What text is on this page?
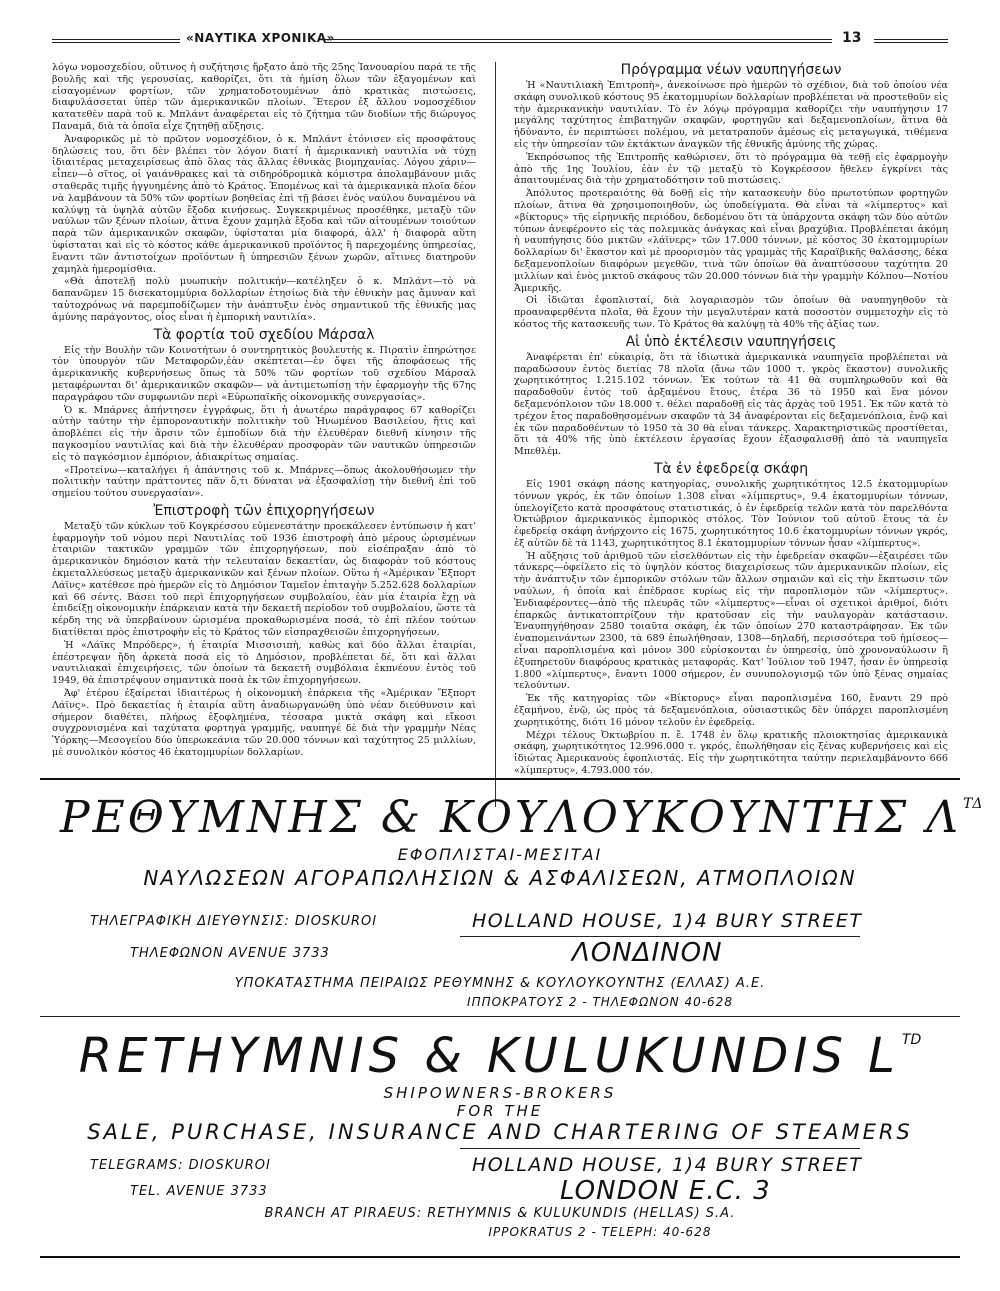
«ΝΑΥΤΙΚΑ ΧΡΟΝΙΚΑ»	13

λόγω νομοσχεδίου, οὕτινος ἡ συζήτησις ἤρξατο ἀπὸ τῆς 25ης Ἰανουαρίου παρά τε τῆς βουλῆς καὶ τῆς γερουσίας, καθορίζει, ὅτι τὰ ἡμίση ὅλων τῶν ἐξαγομένων καὶ εἰσαγομένων φορτίων, τῶν χρηματοδοτουμένων ἀπὸ κρατικὰς πιστώσεις, διαφυλάσσεται ὑπὲρ τῶν ἀμερικανικῶν πλοίων. Ἕτερον ἐξ ἄλλου νομοσχέδιον κατατεθὲν παρὰ τοῦ κ. Μπλάντ ἀναφέρεται εἰς τὸ ζήτημα τῶν διοδίων τῆς διώρυγος Παναμᾶ, διὰ τὰ ὁποῖα εἶχε ζητηθῇ αὔξησις.

Ἀναφορικῶς μὲ τὸ πρῶτον νομοσχέδιον, ὁ κ. Μπλάντ ἐτόνισεν εἰς προσφάτους δηλώσεις του, ὅτι δὲν βλέπει τὸν λόγον διατί ἡ ἀμερικανικὴ ναυτιλία νὰ τύχῃ ἰδιαιτέρας μεταχειρίσεως ἀπὸ ὅλας τὰς ἄλλας ἐθνικὰς βιομηχανίας. Λόγου χάριν—εἶπεν—ὁ σῖτος, οἱ γαιάνθρακες καὶ τὰ σιδηρόδρομικὰ κόμιστρα ἀπολαμβάνουν μιᾶς σταθερᾶς τιμῆς ἠγγυημένης ἀπὸ τὸ Κράτος. Ἑπομένως καὶ τὰ ἀμερικανικὰ πλοῖα δέον νὰ λαμβάνουν τὰ 50% τῶν φορτίων βοηθείας ἐπὶ τῇ βάσει ἑνὸς ναύλου δυναμένου νὰ καλύψῃ τὰ ὑψηλὰ αὐτῶν ἔξοδα κινήσεως. Συγκεκριμένως προσέθηκε, μεταξὺ τῶν ναύλων τῶν ξένων πλοίων, ἅτινα ἔχουν χαμηλὰ ἔξοδα καὶ τῶν αἰτουμένων τοιούτων παρὰ τῶν ἀμερικανικῶν σκαφῶν, ὑφίσταται μία διαφορά, ἀλλ' ἡ διαφορὰ αὕτη ὑφίσταται καὶ εἰς τὸ κόστος κάθε ἀμερικανικοῦ προϊόντος ἢ παρεχομένης ὑπηρεσίας, ἔναντι τῶν ἀντιστοίχων προϊόντων ἢ ὑπηρεσιῶν ξένων χωρῶν, αἵτινες διατηροῦν χαμηλὰ ἡμερομίσθια.

«Θὰ ἀποτελῇ πολὺ μυωπικὴν πολιτικήν—κατέληξεν ὁ κ. Μπλάντ—τὸ νὰ δαπανῶμεν 15 δισεκατομμύρια δολλαρίων ἐτησίως διὰ τὴν ἐθνικὴν μας ἄμυναν καὶ ταὐτοχρόνως νὰ παρεμποδίζωμεν τὴν ἀνάπτυξιν ἑνὸς σημαντικοῦ τῆς ἐθνικῆς μας ἀμύνης παράγοντος, οἷος εἶναι ἡ ἐμπορικὴ ναυτιλία».

Τὰ φορτία τοῦ σχεδίου Μάρσαλ

Εἰς τὴν Βουλὴν τῶν Κοινοτήτων ὁ συντηρητικὸς βουλευτὴς κ. Πιρατὶν ἐπηρώτησε τὸν ὑπουργὸν τῶν Μεταφορῶν,ἐὰν σκέπτεται—ἐν ὄψει τῆς ἀποφάσεως τῆς ἀμερικανικῆς κυβερνήσεως ὅπως τὰ 50% τῶν φορτίων τοῦ σχεδίου Μάρσαλ μεταφέρωνται δι' ἀμερικανικῶν σκαφῶν— νὰ ἀντιμετωπίσῃ τὴν ἐφαρμογὴν τῆς 67ης παραγράφου τῶν συμφωνιῶν περὶ «Εὐρωπαϊκῆς οἰκονομικῆς συνεργασίας».

Ὁ κ. Μπάρνες ἀπήντησεν ἐγγράφως, ὅτι ἡ ἀνωτέρω παράγραφος 67 καθορίζει αὐτὴν ταύτην τὴν ἐμποροναυτικὴν πολιτικὴν τοῦ Ἡνωμένου Βασιλείου, ἥτις καὶ ἀποβλέπει εἰς τὴν ἄρσιν τῶν ἐμποδίων διὰ τὴν ἐλευθέραν διεθνῆ κίνησιν τῆς παγκοσμίου ναυτιλίας καὶ διὰ τὴν ἐλευθέραν προσφορὰν τῶν ναυτικῶν ὑπηρεσιῶν εἰς τὸ παγκόσμιον ἐμπόριον, ἀδιακρίτως σημαίας.

«Προτείνω—καταλήγει ἡ ἀπάντησις τοῦ κ. Μπάρνες—ὅπως ἀκολουθήσωμεν τὴν πολιτικὴν ταύτην πράττοντες πᾶν ὅ,τι δύναται νὰ ἐξασφαλίσῃ τὴν διεθνῆ ἐπὶ τοῦ σημείου τούτου συνεργασίαν».

Ἐπιστροφὴ τῶν ἐπιχορηγήσεων

Μεταξὺ τῶν κύκλων τοῦ Κογκρέσσου εὐμενεστάτην προεκάλεσεν ἐντύπωσιν ἡ κατ' ἐφαρμογὴν τοῦ νόμου περὶ Ναυτιλίας τοῦ 1936 ἐπιστροφὴ ἀπὸ μέρους ὡρισμένων ἑταιριῶν τακτικῶν γραμμῶν τῶν ἐπιχορηγήσεων, ποὺ εἰσέπραξαν ἀπὸ τὸ ἀμερικανικὸν δημόσιον κατὰ τὴν τελευταίαν δεκαετίαν, ὡς διαφορὰν τοῦ κόστους ἐκμεταλλεύσεως μεταξὺ ἀμερικανικῶν καὶ ξένων πλοίων. Οὕτω ἡ «Ἀμέρικαν Ἔξπορτ Λάϊνς» κατέθεσε πρὸ ἡμερῶν εἰς τὸ Δημόσιον Ταμεῖον ἐπιταγὴν 5.252.628 δολλαρίων καὶ 66 σέντς. Βάσει τοῦ περὶ ἐπιχορηγήσεων συμβολαίου, ἐὰν μία ἑταιρία ἔχῃ νὰ ἐπιδείξῃ οἰκονομικὴν ἐπάρκειαν κατὰ τὴν δεκαετῆ περίοδον τοῦ συμβολαίου, ὥστε τὰ κέρδη της νὰ ὑπερβαίνουν ὡρισμένα προκαθωρισμένα ποσά, τὸ ἐπὶ πλέον τούτων διατίθεται πρὸς ἐπιστροφὴν εἰς τὸ Κράτος τῶν εἰσπραχθεισῶν ἐπιχορηγήσεων.

Ἡ «Λάϊκς Μπρόδερς», ἡ ἑταιρία Μισσισιπὴ, καθὼς καὶ δύο ἄλλαι ἑταιρίαι, ἐπέστρεψαν ἤδη ἀρκετὰ ποσὰ εἰς τὸ Δημόσιον, προβλέπεται δέ, ὅτι καὶ ἄλλαι ναυτιλιακαὶ ἐπιχειρήσεις, τῶν ὁποίων τὰ δεκαετῆ συμβόλαια ἐκπνέουν ἐντὸς τοῦ 1949, θὰ ἐπιστρέψουν σημαντικὰ ποσὰ ἐκ τῶν ἐπιχορηγήσεων.

Ἀφ' ἑτέρου ἐξαίρεται ἰδιαιτέρως ἡ οἰκονομικὴ ἐπάρκεια τῆς «Ἀμέρικαν Ἔξπορτ Λάϊνς». Πρὸ δεκαετίας ἡ ἑταιρία αὕτη ἀναδιωργανώθη ὑπὸ νέαν διεύθυνσιν καὶ σήμερον διαθέτει, πλήρως ἐξοφλημένα, τέσσαρα μικτὰ σκάφη καὶ εἴκοσι συγχρονισμένα καὶ ταχύτατα φορτηγὰ γραμμῆς, ναυπηγέ δὲ διὰ τὴν γραμμὴν Νέας Ὑόρκης—Μεσογείου δύο ὑπερωκεάνια τῶν 20.000 τόννων καὶ ταχύτητος 25 μιλλίων, μὲ συνολικὸν κόστος 46 ἑκατομμυρίων δολλαρίων.

Πρόγραμμα νέων ναυπηγήσεων

Ἡ «Ναυτιλιακὴ Ἐπιτροπὴ», ἀνεκοίνωσε πρὸ ἡμερῶν τὸ σχέδιον, διὰ τοῦ ὁποίου νέα σκάφη συνολικοῦ κόστους 95 ἑκατομμυρίων δολλαρίων προβλέπεται νὰ προστεθοῦν εἰς τὴν ἀμερικανικὴν ναυτιλίαν. Τὸ ἐν λόγῳ πρόγραμμα καθορίζει τὴν ναυπήγησιν 17 μεγάλης ταχύτητος ἐπιβατηγῶν σκαφῶν, φορτηγῶν καὶ δεξαμενοπλοίων, ἅτινα θὰ ἠδύναντο, ἐν περιπτώσει πολέμου, νὰ μετατραποῦν ἀμέσως εἰς μεταγωγικά, τιθέμενα εἰς τὴν ὑπηρεσίαν τῶν ἐκτάκτων ἀναγκῶν τῆς ἐθνικῆς ἀμύνης τῆς χώρας.

Ἐκπρόσωπος τῆς Ἐπιτροπῆς καθώρισεν, ὅτι τὸ πρόγραμμα θὰ τεθῇ εἰς ἐφαρμογὴν ἀπὸ τῆς 1ης Ἰουλίου, ἐὰν ἐν τῷ μεταξὺ τὸ Κογκρέσσον ἤθελεν ἐγκρίνει τὰς ἀπαιτουμένας διὰ τὴν χρηματοδότησιν τοῦ πιστώσεις.

Ἀπόλυτος προτεραιότης θὰ δοθῇ εἰς τὴν κατασκευὴν δύο πρωτοτύπων φορτηγῶν πλοίων, ἅτινα θὰ χρησιμοποιηθοῦν, ὡς ὑποδείγματα. Θὰ εἶναι τὰ «λίμπερτυς» καὶ «βίκτορυς» τῆς εἰρηνικῆς περιόδου, δεδομένου ὅτι τὰ ὑπάρχοντα σκάφη τῶν δύο αὐτῶν τύπων ἀνεφέροντο εἰς τὰς πολεμικὰς ἀνάγκας καὶ εἶναι βραχύβια. Προβλέπεται ἀκόμη ἡ ναυπήγησις δύο μικτῶν «λάϊνερς» τῶν 17.000 τόννων, μὲ κόστος 30 ἑκατομμυρίων δολλαρίων δι' ἕκαστον καὶ μὲ προορισμὸν τὰς γραμμὰς τῆς Καραϊβικῆς θαλάσσης, δέκα δεξαμενοπλοίων διαφόρων μεγεθῶν, τινὰ τῶν ὁποίων θὰ ἀναπτύσσουν ταχύτητα 20 μιλλίων καὶ ἑνὸς μικτοῦ σκάφους τῶν 20.000 τόννων διὰ τὴν γραμμὴν Κόλπου—Νοτίου Ἀμερικῆς.

Οἱ ἰδιῶται ἐφοπλισταί, διὰ λογαριασμὸν τῶν ὁποίων θὰ ναυπηγηθοῦν τὰ προαναφερθέντα πλοῖα, θὰ ἔχουν τὴν μεγαλυτέραν κατὰ ποσοστὸν συμμετοχὴν εἰς τὸ κόστος τῆς κατασκευῆς των. Τὸ Κράτος θὰ καλύψῃ τὰ 40% τῆς ἀξίας των.

Αἱ ὑπὸ ἐκτέλεσιν ναυπηγήσεις

Ἀναφέρεται ἐπ' εὐκαιρίᾳ, ὅτι τὰ ἰδιωτικὰ ἀμερικανικὰ ναυπηγεῖα προβλέπεται νὰ παραδώσουν ἐντὸς διετίας 78 πλοῖα (ἄνω τῶν 1000 τ. γκρὸς ἕκαστον) συνολικῆς χωρητικότητος 1.215.102 τόννων. Ἐκ τούτων τὰ 41 θὰ συμπληρωθοῦν καὶ θὰ παραδοθοῦν ἐντὸς τοῦ ἀρξαμένου ἔτους, ἐτέρα 36 τὸ 1950 καὶ ἕνα μόνον δεξαμενόπλοιον τῶν 18.000 τ. θέλει παραδοθῇ εἰς τὰς ἀρχὰς τοῦ 1951. Ἐκ τῶν κατὰ τὸ τρέχον ἔτος παραδοθησομένων σκαφῶν τὰ 34 ἀναφέρονται εἰς δεξαμενόπλοια, ἐνῷ καὶ ἐκ τῶν παραδοθέντων τὸ 1950 τὰ 30 θὰ εἶναι τάνκερς. Χαρακτηριστικῶς προστίθεται, ὅτι τὰ 40% τῆς ὑπὸ ἐκτέλεσιν ἐργασίας ἔχουν ἐξασφαλισθῇ ἀπὸ τὰ ναυπηγεῖα Μπεθλέμ.

Τὰ ἐν ἐφεδρείᾳ σκάφη

Εἰς 1901 σκάφη πάσης κατηγορίας, συνολικῆς χωρητικότητος 12.5 ἑκατομμυρίων τόννων γκρός, ἐκ τῶν ὁποίων 1.308 εἶναι «λίμπερτυς», 9.4 ἑκατομμυρίων τόννων, ὑπελογίζετο κατὰ προσφάτους στατιστικάς, ὁ ἐν ἐφεδρείᾳ τελῶν κατὰ τὸν παρελθόντα Ὀκτώβριον ἀμερικανικὸς ἐμπορικὸς στόλος. Τὸν Ἰούνιον τοῦ αὐτοῦ ἔτους τὰ ἐν ἐφεδρείᾳ σκάφη ἀνήρχοντο εἰς 1675, χωρητικότητος 10.6 ἑκατομμυρίων τόννων γκρός, ἐξ αὐτῶν δὲ τὰ 1143, χωρητικότητος 8.1 ἑκατομμυρίων τόννων ἦσαν «λίμπερτυς».

Ἡ αὔξησις τοῦ ἀριθμοῦ τῶν εἰσελθόντων εἰς τὴν ἐφεδρείαν σκαφῶν—ἐξαιρέσει τῶν τάνκερς—ὀφείλετο εἰς τὸ ὑψηλὸν κόστος διαχειρίσεως τῶν ἀμερικανικῶν πλοίων, εἰς τὴν ἀνάπτυξιν τῶν ἐμπορικῶν στόλων τῶν ἄλλων σημαιῶν καὶ εἰς τὴν ἔκπτωσιν τῶν ναύλων, ἡ ὁποία καὶ ἐπέδρασε κυρίως εἰς τὴν παροπλισμὸν τῶν «λίμπερτυς». Ἐνδιαφέροντες—ἀπὸ τῆς πλευρᾶς τῶν «λίμπερτυς»—εἶναι οἱ σχετικοὶ ἀριθμοί, διότι ἐπαρκῶς ἀντικατοπτρίζουν τὴν κρατοῦσαν εἰς τὴν ναυλαγορὰν κατάστασιν. Ἐναυπηγήθησαν 2580 τοιαῦτα σκάφη, ἐκ τῶν ὁποίων 270 καταστράφησαν. Ἐκ τῶν ἐναπομεινάντων 2300, τὰ 689 ἐπωλήθησαν, 1308—δηλαδή, περισσότερα τοῦ ἡμίσεος—εἶναι παροπλισμένα καὶ μόνον 300 εὑρίσκονται ἐν ὑπηρεσίᾳ, ὑπὸ χρονοναύλωσιν ἢ ἐξυπηρετοῦν διαφόρους κρατικὰς μεταφοράς. Κατ' Ἰούλιον τοῦ 1947, ἦσαν ἐν ὑπηρεσίᾳ 1.800 «λίμπερτυς», ἔναντι 1000 σήμερον, ἐν συνυπολογισμῷ τῶν ὑπὸ ξένας σημαίας τελούντων.

Ἐκ τῆς κατηγορίας τῶν «Βίκτορυς» εἶναι παροπλισμένα 160, ἔναντι 29 πρὸ ἑξαμήνου, ἐνῷ, ὡς πρὸς τὰ δεξαμενόπλοια, οὐσιαστικῶς δὲν ὑπάρχει παροπλισμένη χωρητικότης, διότι 16 μόνον τελοῦν ἐν ἐφεδρείᾳ.

Μέχρι τέλους Ὀκτωβρίου π. ἔ. 1748 ἐν ὅλῳ κρατικῆς πλοιοκτησίας ἀμερικανικὰ σκάφη, χωρητικότητος 12.996.000 τ. γκρός, ἐπωλήθησαν εἰς ξένας κυβερνήσεις καὶ εἰς ἰδιώτας Ἀμερικανοὺς ἐφοπλιστάς. Εἰς τὴν χωρητικότητα ταύτην περιελαμβάνοντο 666 «λίμπερτυς», 4.793.000 τόν.

ΡΕΘΥΜΝΗΣ & ΚΟΥΛΟΥΚΟΥΝΤΗΣ Λ $^{T\Delta}$
ΕΦΟΠΛΙΣΤΑΙ-ΜΕΣΙΤΑΙ
ΝΑΥΛΩΣΕΩΝ ΑΓΟΡΑΠΩΛΗΣΙΩΝ & ΑΣΦΑΛΙΣΕΩΝ, ΑΤΜΟΠΛΟΙΩΝ
ΤΗΛΕΓΡΑΦΙΚΗ ΔΙΕΥΘΥΝΣΙΣ: DIOSKUROI	HOLLAND HOUSE, 1)4 BURY STREET
ΤΗΛΕΦΩΝΟΝ AVENUE 3733	ΛΟΝΔΙΝΟΝ
ΥΠΟΚΑΤΑΣΤΗΜΑ ΠΕΙΡΑΙΩΣ ΡΕΘΥΜΝΗΣ & ΚΟΥΛΟΥΚΟΥΝΤΗΣ (ΕΛΛΑΣ) Α.Ε.
ΙΠΠΟΚΡΑΤΟΥΣ 2 - ΤΗΛΕΦΩΝΟΝ 40-628
RETHYMNIS & KULUKUNDIS L $^{TD}$
SHIPOWNERS-BROKERS
FOR THE
SALE, PURCHASE, INSURANCE AND CHARTERING OF STEAMERS
TELEGRAMS: DIOSKUROI	HOLLAND HOUSE, 1)4 BURY STREET
TEL. AVENUE 3733	LONDON E.C. 3
BRANCH AT PIRAEUS: RETHYMNIS & KULUKUNDIS (HELLAS) S.A.
IPPOKRATUS 2 - TELEPH: 40-628
